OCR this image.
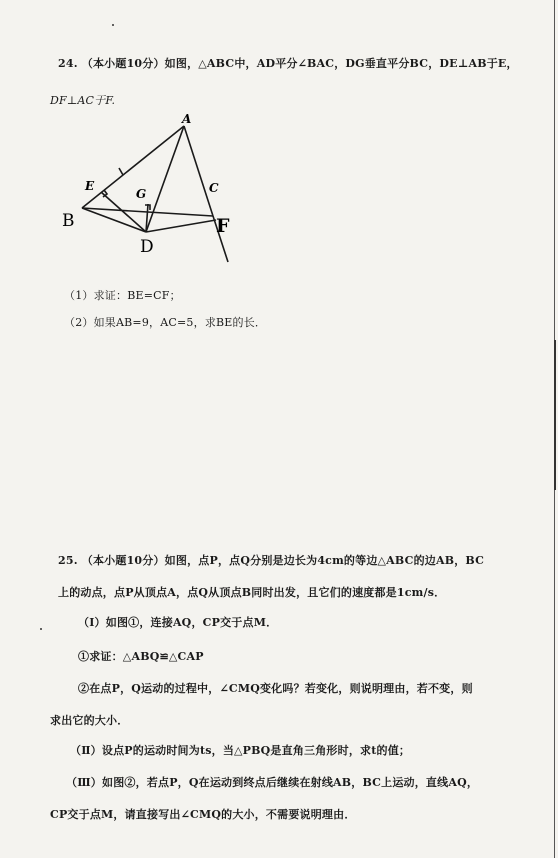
24. （本小题10分）如图，△ABC中，AD平分∠BAC，DG垂直平分BC，DE⊥AB于E，
DF⊥AC于F.
A
E
G	C
B
D
F
（1）求证：BE=CF；
（2）如果AB=9，AC=5，求BE的长．
25. （本小题10分）如图，点P，点Q分别是边长为4cm的等边△ABC的边AB，BC
上的动点，点P从顶点A，点Q从顶点B同时出发，且它们的速度都是1cm/s．
（Ⅰ）如图①，连接AQ，CP交于点M．
①求证：△ABQ≌△CAP
②在点P，Q运动的过程中，∠CMQ变化吗？若变化，则说明理由，若不变，则
求出它的大小．
（Ⅱ）设点P的运动时间为ts，当△PBQ是直角三角形时，求t的值；
（Ⅲ）如图②，若点P，Q在运动到终点后继续在射线AB，BC上运动，直线AQ，
CP交于点M，请直接写出∠CMQ的大小，不需要说明理由．
